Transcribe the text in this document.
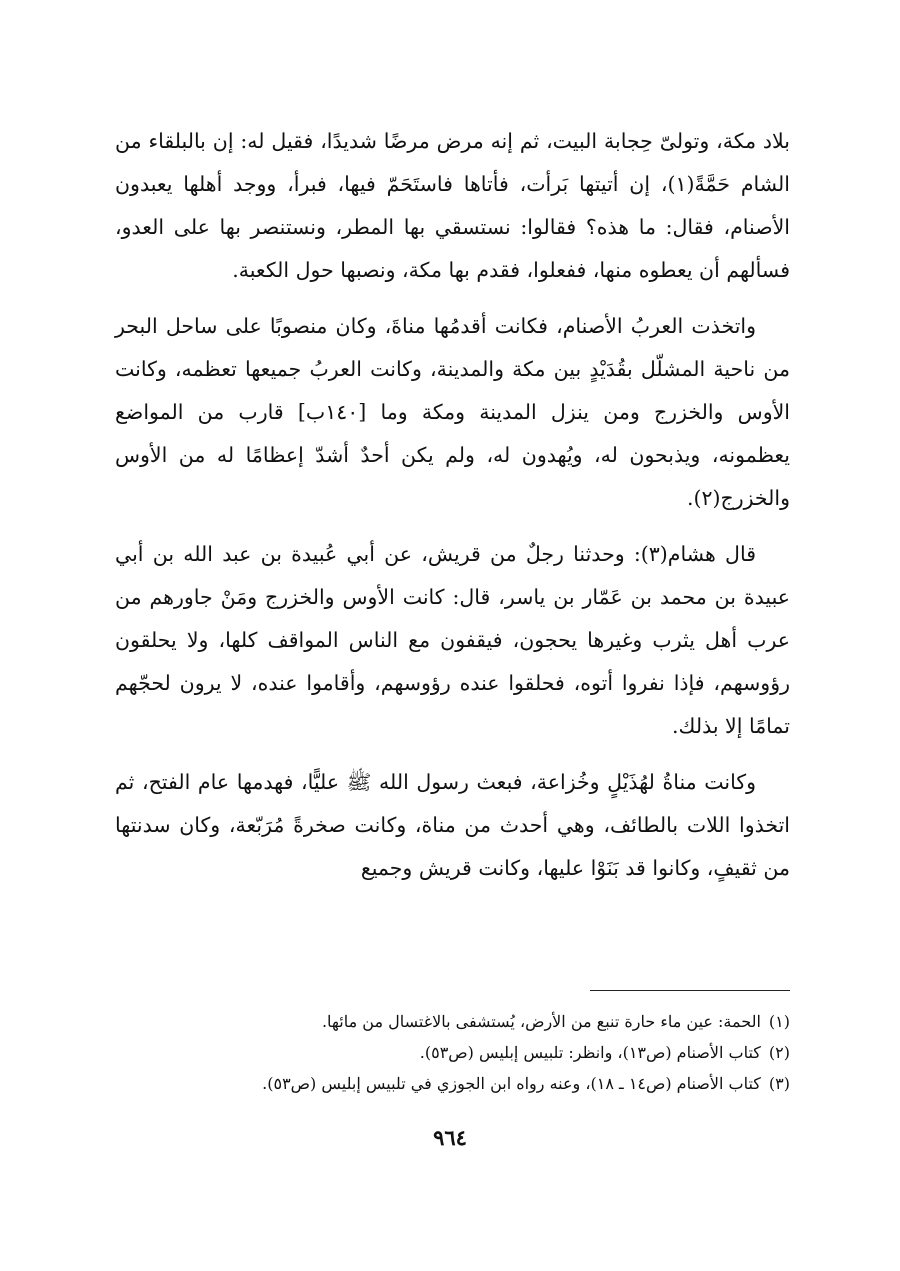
بلاد مكة، وتولىّ حِجابة البيت، ثم إنه مرض مرضًا شديدًا، فقيل له: إن بالبلقاء من الشام حَمَّةً(١)، إن أتيتها بَرأت، فأتاها فاستَحَمّ فيها، فبرأ، ووجد أهلها يعبدون الأصنام، فقال: ما هذه؟ فقالوا: نستسقي بها المطر، ونستنصر بها على العدو، فسألهم أن يعطوه منها، ففعلوا، فقدم بها مكة، ونصبها حول الكعبة.

واتخذت العربُ الأصنام، فكانت أقدمُها مناةَ، وكان منصوبًا على ساحل البحر من ناحية المشلّل بقُدَيْدٍ بين مكة والمدينة، وكانت العربُ جميعها تعظمه، وكانت الأوس والخزرج ومن ينزل المدينة ومكة وما [١٤٠ب] قارب من المواضع يعظمونه، ويذبحون له، ويُهدون له، ولم يكن أحدٌ أشدّ إعظامًا له من الأوس والخزرج(٢).

قال هشام(٣): وحدثنا رجلٌ من قريش، عن أبي عُبيدة بن عبد الله بن أبي عبيدة بن محمد بن عَمّار بن ياسر، قال: كانت الأوس والخزرج ومَنْ جاورهم من عرب أهل يثرب وغيرها يحجون، فيقفون مع الناس المواقف كلها، ولا يحلقون رؤوسهم، فإذا نفروا أتوه، فحلقوا عنده رؤوسهم، وأقاموا عنده، لا يرون لحجّهم تمامًا إلا بذلك.

وكانت مناةُ لهُذَيْلٍ وخُزاعة، فبعث رسول الله ﷺ عليًّا، فهدمها عام الفتح، ثم اتخذوا اللات بالطائف، وهي أحدث من مناة، وكانت صخرةً مُرَبّعة، وكان سدنتها من ثقيفٍ، وكانوا قد بَنَوْا عليها، وكانت قريش وجميع

(١)الحمة: عين ماء حارة تنبع من الأرض، يُستشفى بالاغتسال من مائها.
(٢)كتاب الأصنام (ص١٣)، وانظر: تلبيس إبليس (ص٥٣).
(٣)كتاب الأصنام (ص١٤ ـ ١٨)، وعنه رواه ابن الجوزي في تلبيس إبليس (ص٥٣).
٩٦٤
